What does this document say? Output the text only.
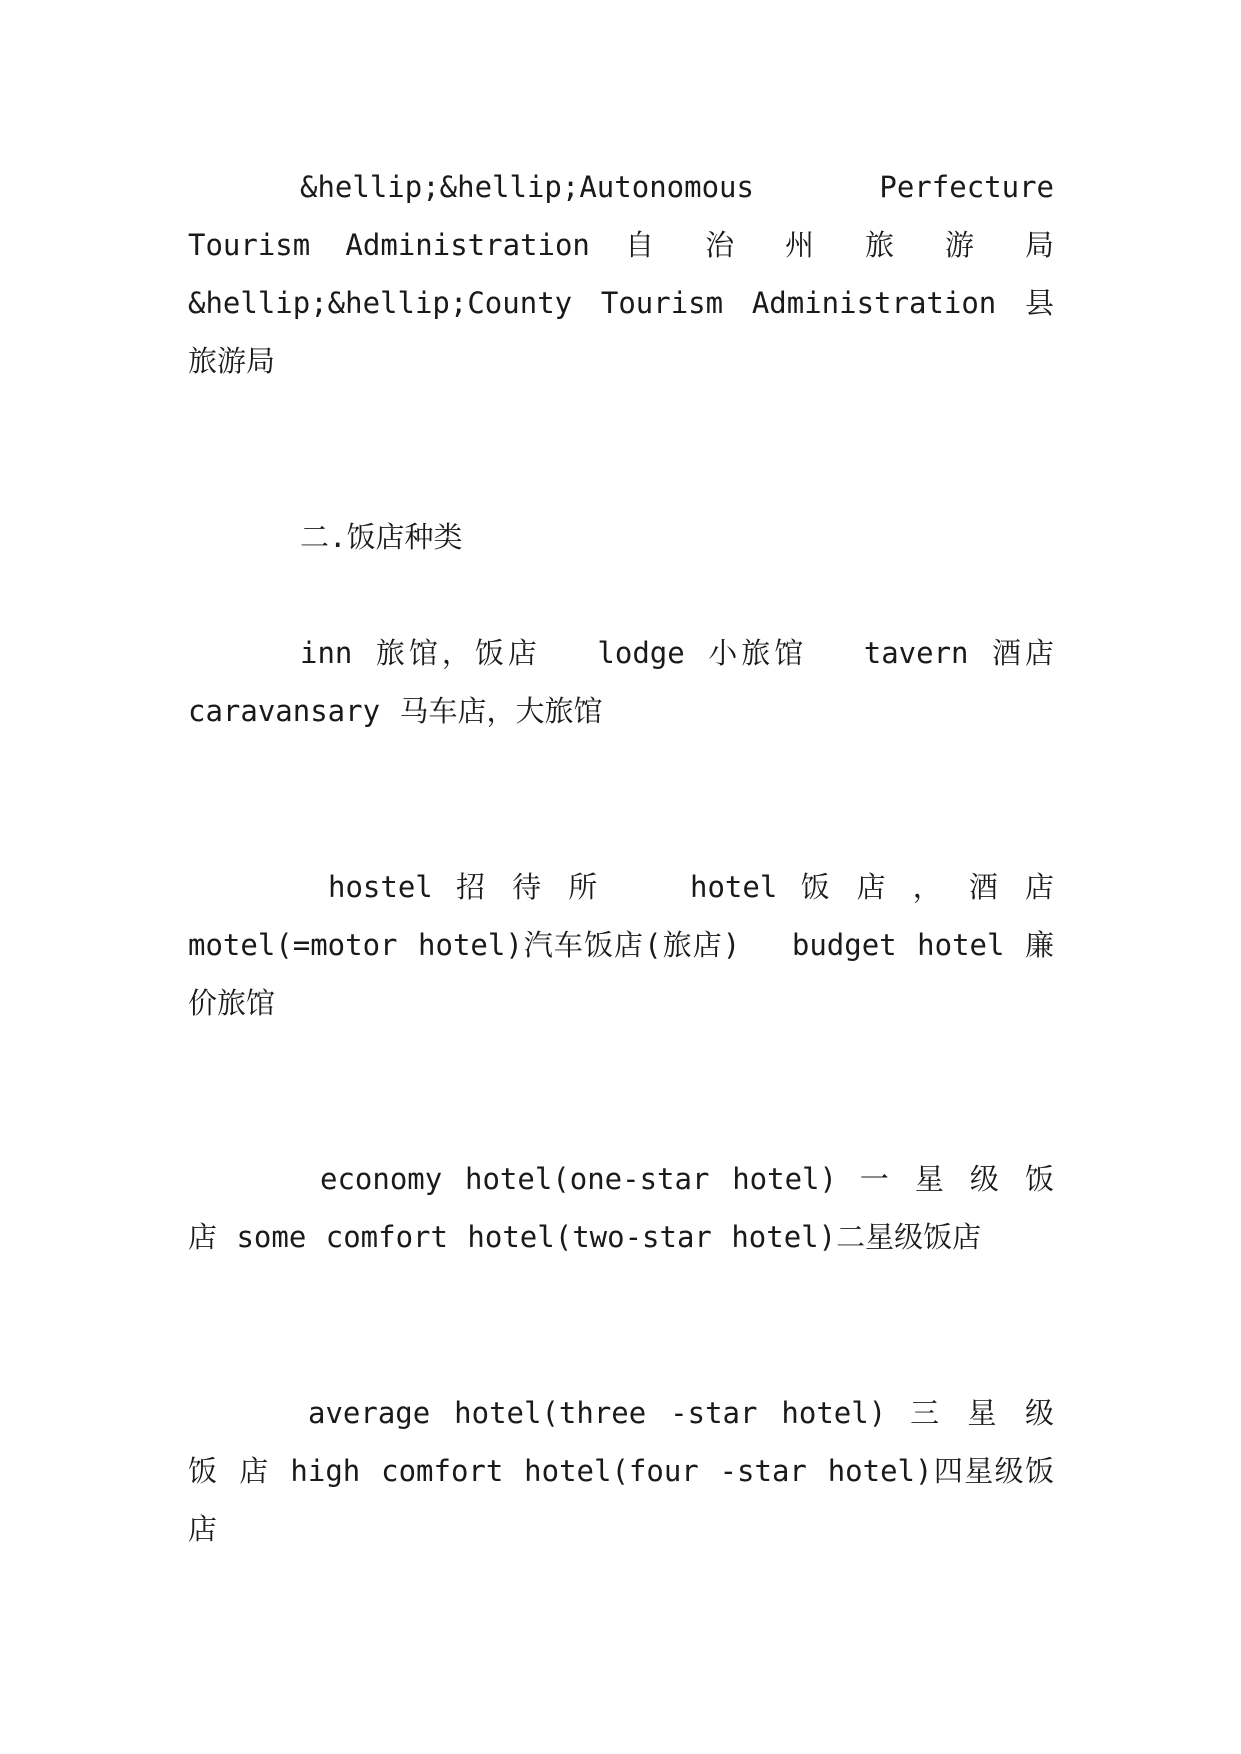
&hellip;&hellip;Autonomous Perfecture Tourism Administration 自 治 州 旅 游 局 &hellip;&hellip;County Tourism Administration 县旅游局

二.饭店种类

inn 旅馆，饭店　 lodge 小旅馆　 tavern 酒店 caravansary 马车店，大旅馆

hostel 招 待 所　　 hotel 饭 店 ， 酒 店 motel(=motor hotel)汽车饭店(旅店)　 budget hotel 廉价旅馆

economy hotel(one-star hotel) 一 星 级 饭 店 some comfort hotel(two-star hotel)二星级饭店

average hotel(three -star hotel) 三 星 级 饭 店 high comfort hotel(four -star hotel)四星级饭店
